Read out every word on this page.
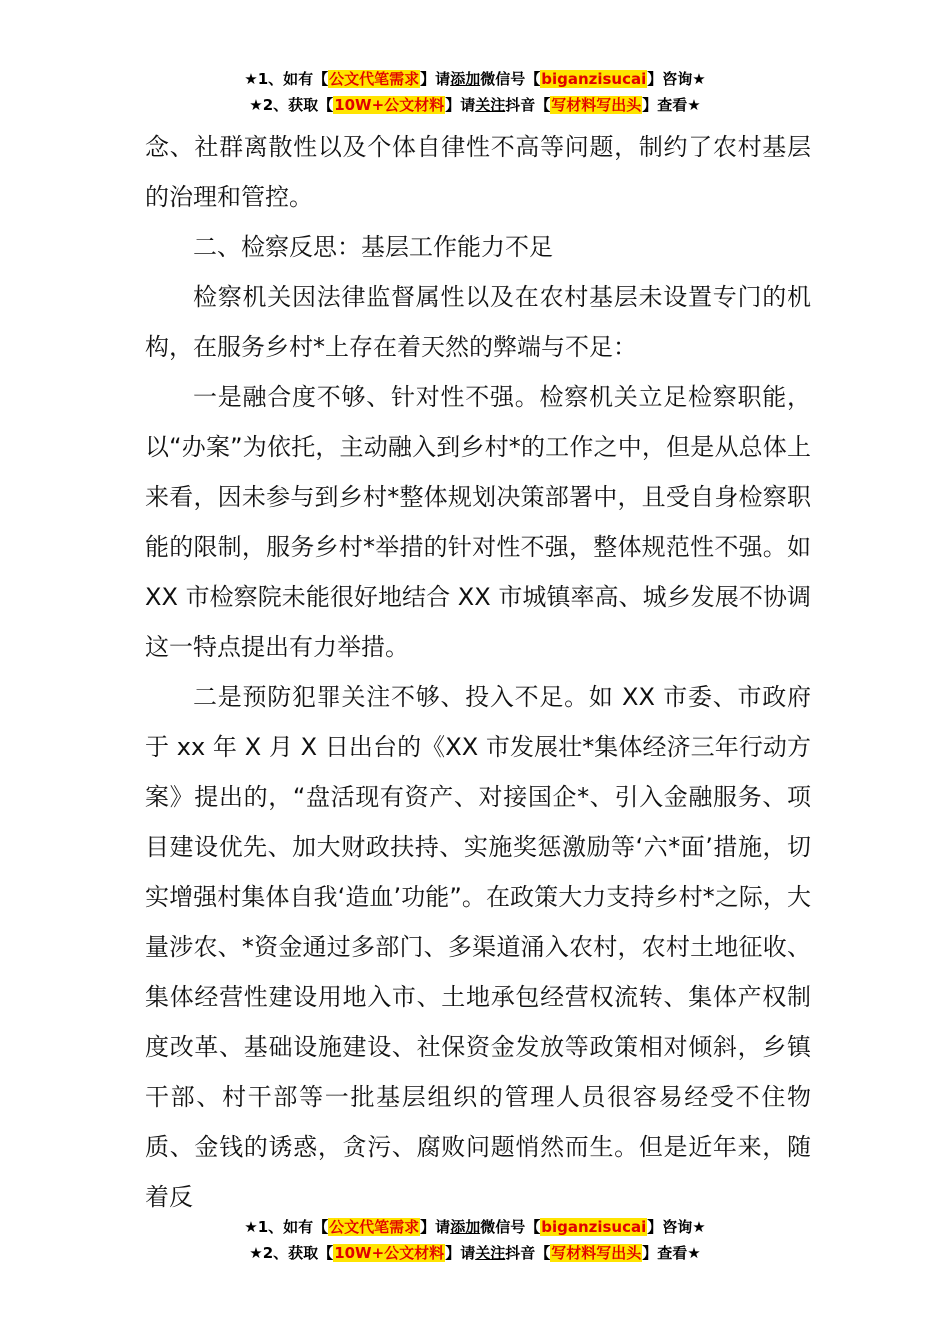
★1、如有【公文代笔需求】请添加微信号【biganzisucai】咨询★
★2、获取【10W+公文材料】请关注抖音【写材料写出头】查看★

念、社群离散性以及个体自律性不高等问题，制约了农村基层的治理和管控。

二、检察反思：基层工作能力不足

检察机关因法律监督属性以及在农村基层未设置专门的机构，在服务乡村*上存在着天然的弊端与不足：

一是融合度不够、针对性不强。检察机关立足检察职能，以“办案”为依托，主动融入到乡村*的工作之中，但是从总体上来看，因未参与到乡村*整体规划决策部署中，且受自身检察职能的限制，服务乡村*举措的针对性不强，整体规范性不强。如 XX 市检察院未能很好地结合 XX 市城镇率高、城乡发展不协调这一特点提出有力举措。

二是预防犯罪关注不够、投入不足。如 XX 市委、市政府于 xx 年 X 月 X 日出台的《XX 市发展壮*集体经济三年行动方案》提出的，“盘活现有资产、对接国企*、引入金融服务、项目建设优先、加大财政扶持、实施奖惩激励等‘六*面’措施，切实增强村集体自我‘造血’功能”。在政策大力支持乡村*之际，大量涉农、*资金通过多部门、多渠道涌入农村，农村土地征收、集体经营性建设用地入市、土地承包经营权流转、集体产权制度改革、基础设施建设、社保资金发放等政策相对倾斜，乡镇干部、村干部等一批基层组织的管理人员很容易经受不住物质、金钱的诱惑，贪污、腐败问题悄然而生。但是近年来，随着反

★1、如有【公文代笔需求】请添加微信号【biganzisucai】咨询★
★2、获取【10W+公文材料】请关注抖音【写材料写出头】查看★
